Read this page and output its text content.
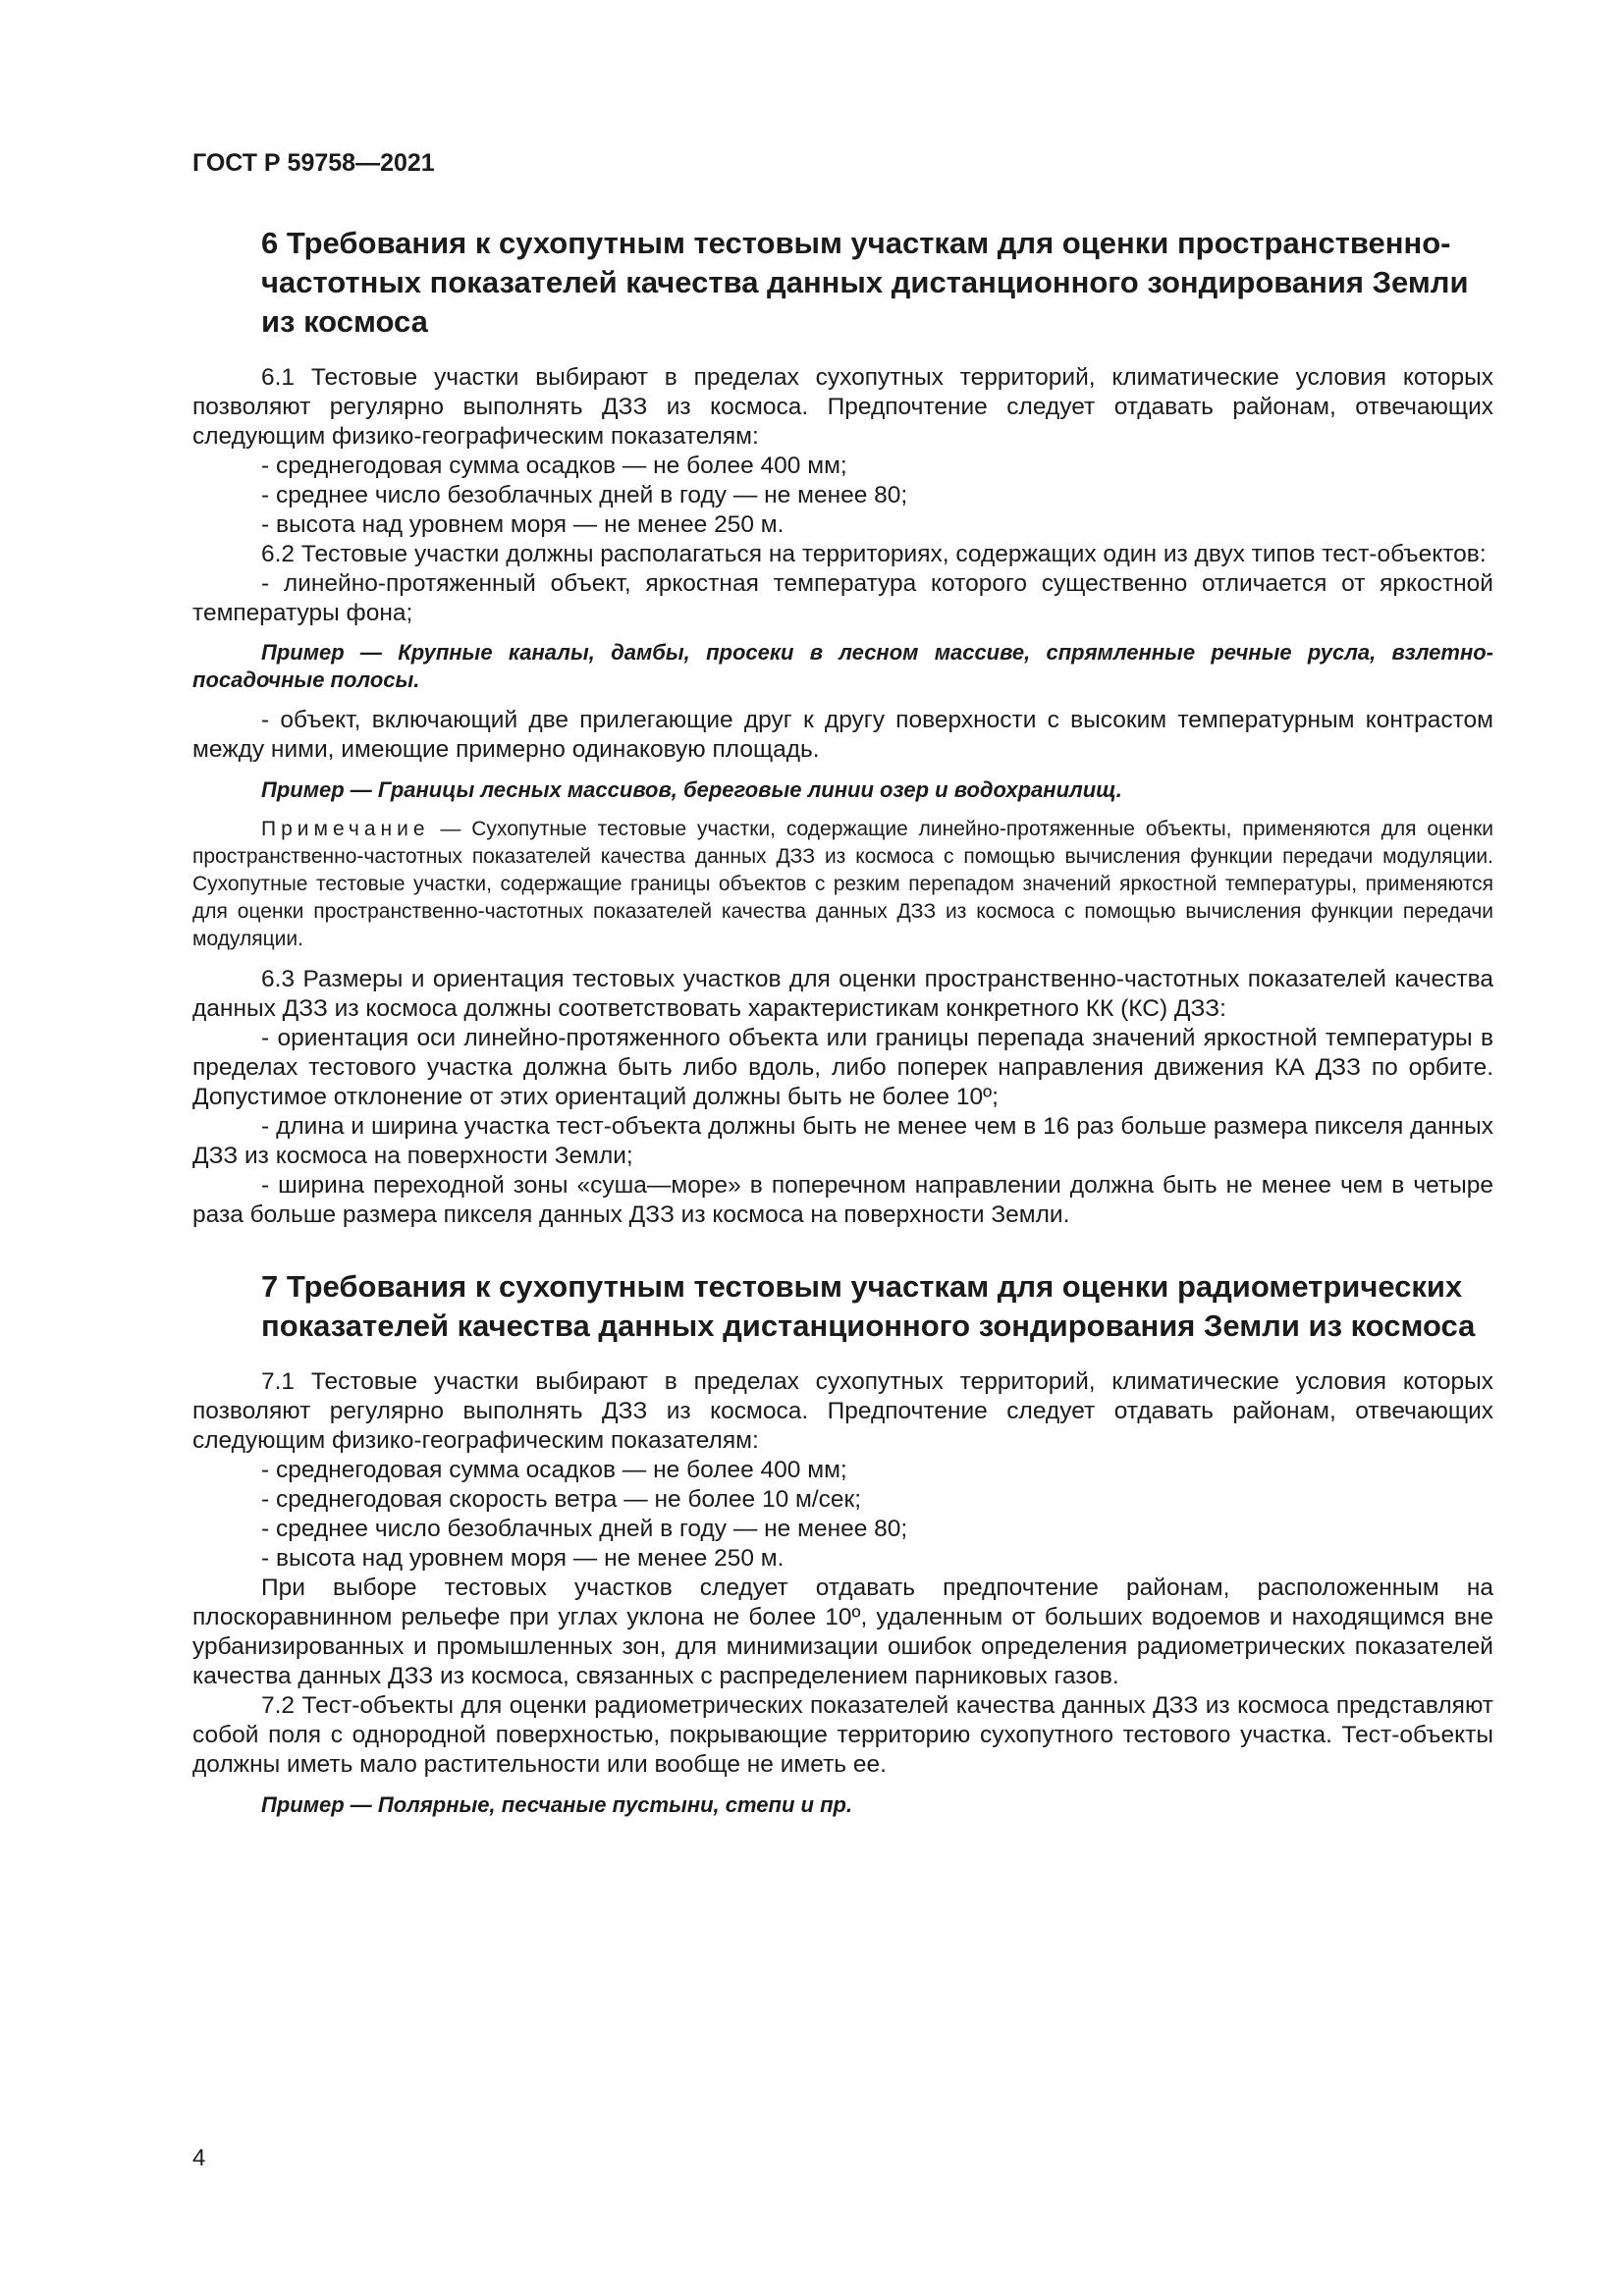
ГОСТ Р 59758—2021
6 Требования к сухопутным тестовым участкам для оценки пространственно-частотных показателей качества данных дистанционного зондирования Земли из космоса

6.1 Тестовые участки выбирают в пределах сухопутных территорий, климатические условия которых позволяют регулярно выполнять ДЗЗ из космоса. Предпочтение следует отдавать районам, отвечающих следующим физико-географическим показателям:

- среднегодовая сумма осадков — не более 400 мм;

- среднее число безоблачных дней в году — не менее 80;

- высота над уровнем моря — не менее 250 м.

6.2 Тестовые участки должны располагаться на территориях, содержащих один из двух типов тест-объектов:

- линейно-протяженный объект, яркостная температура которого существенно отличается от яркостной температуры фона;

Пример — Крупные каналы, дамбы, просеки в лесном массиве, спрямленные речные русла, взлетно-посадочные полосы.

- объект, включающий две прилегающие друг к другу поверхности с высоким температурным контрастом между ними, имеющие примерно одинаковую площадь.

Пример — Границы лесных массивов, береговые линии озер и водохранилищ.

Примечание — Сухопутные тестовые участки, содержащие линейно-протяженные объекты, применяются для оценки пространственно-частотных показателей качества данных ДЗЗ из космоса с помощью вычисления функции передачи модуляции. Сухопутные тестовые участки, содержащие границы объектов с резким перепадом значений яркостной температуры, применяются для оценки пространственно-частотных показателей качества данных ДЗЗ из космоса с помощью вычисления функции передачи модуляции.

6.3 Размеры и ориентация тестовых участков для оценки пространственно-частотных показателей качества данных ДЗЗ из космоса должны соответствовать характеристикам конкретного КК (КС) ДЗЗ:

- ориентация оси линейно-протяженного объекта или границы перепада значений яркостной температуры в пределах тестового участка должна быть либо вдоль, либо поперек направления движения КА ДЗЗ по орбите. Допустимое отклонение от этих ориентаций должны быть не более 10º;

- длина и ширина участка тест-объекта должны быть не менее чем в 16 раз больше размера пикселя данных ДЗЗ из космоса на поверхности Земли;

- ширина переходной зоны «суша—море» в поперечном направлении должна быть не менее чем в четыре раза больше размера пикселя данных ДЗЗ из космоса на поверхности Земли.

7 Требования к сухопутным тестовым участкам для оценки радиометрических показателей качества данных дистанционного зондирования Земли из космоса

7.1 Тестовые участки выбирают в пределах сухопутных территорий, климатические условия которых позволяют регулярно выполнять ДЗЗ из космоса. Предпочтение следует отдавать районам, отвечающих следующим физико-географическим показателям:

- среднегодовая сумма осадков — не более 400 мм;

- среднегодовая скорость ветра — не более 10 м/сек;

- среднее число безоблачных дней в году — не менее 80;

- высота над уровнем моря — не менее 250 м.

При выборе тестовых участков следует отдавать предпочтение районам, расположенным на плоскоравнинном рельефе при углах уклона не более 10º, удаленным от больших водоемов и находящимся вне урбанизированных и промышленных зон, для минимизации ошибок определения радиометрических показателей качества данных ДЗЗ из космоса, связанных с распределением парниковых газов.

7.2 Тест-объекты для оценки радиометрических показателей качества данных ДЗЗ из космоса представляют собой поля с однородной поверхностью, покрывающие территорию сухопутного тестового участка. Тест-объекты должны иметь мало растительности или вообще не иметь ее.

Пример — Полярные, песчаные пустыни, степи и пр.

4
